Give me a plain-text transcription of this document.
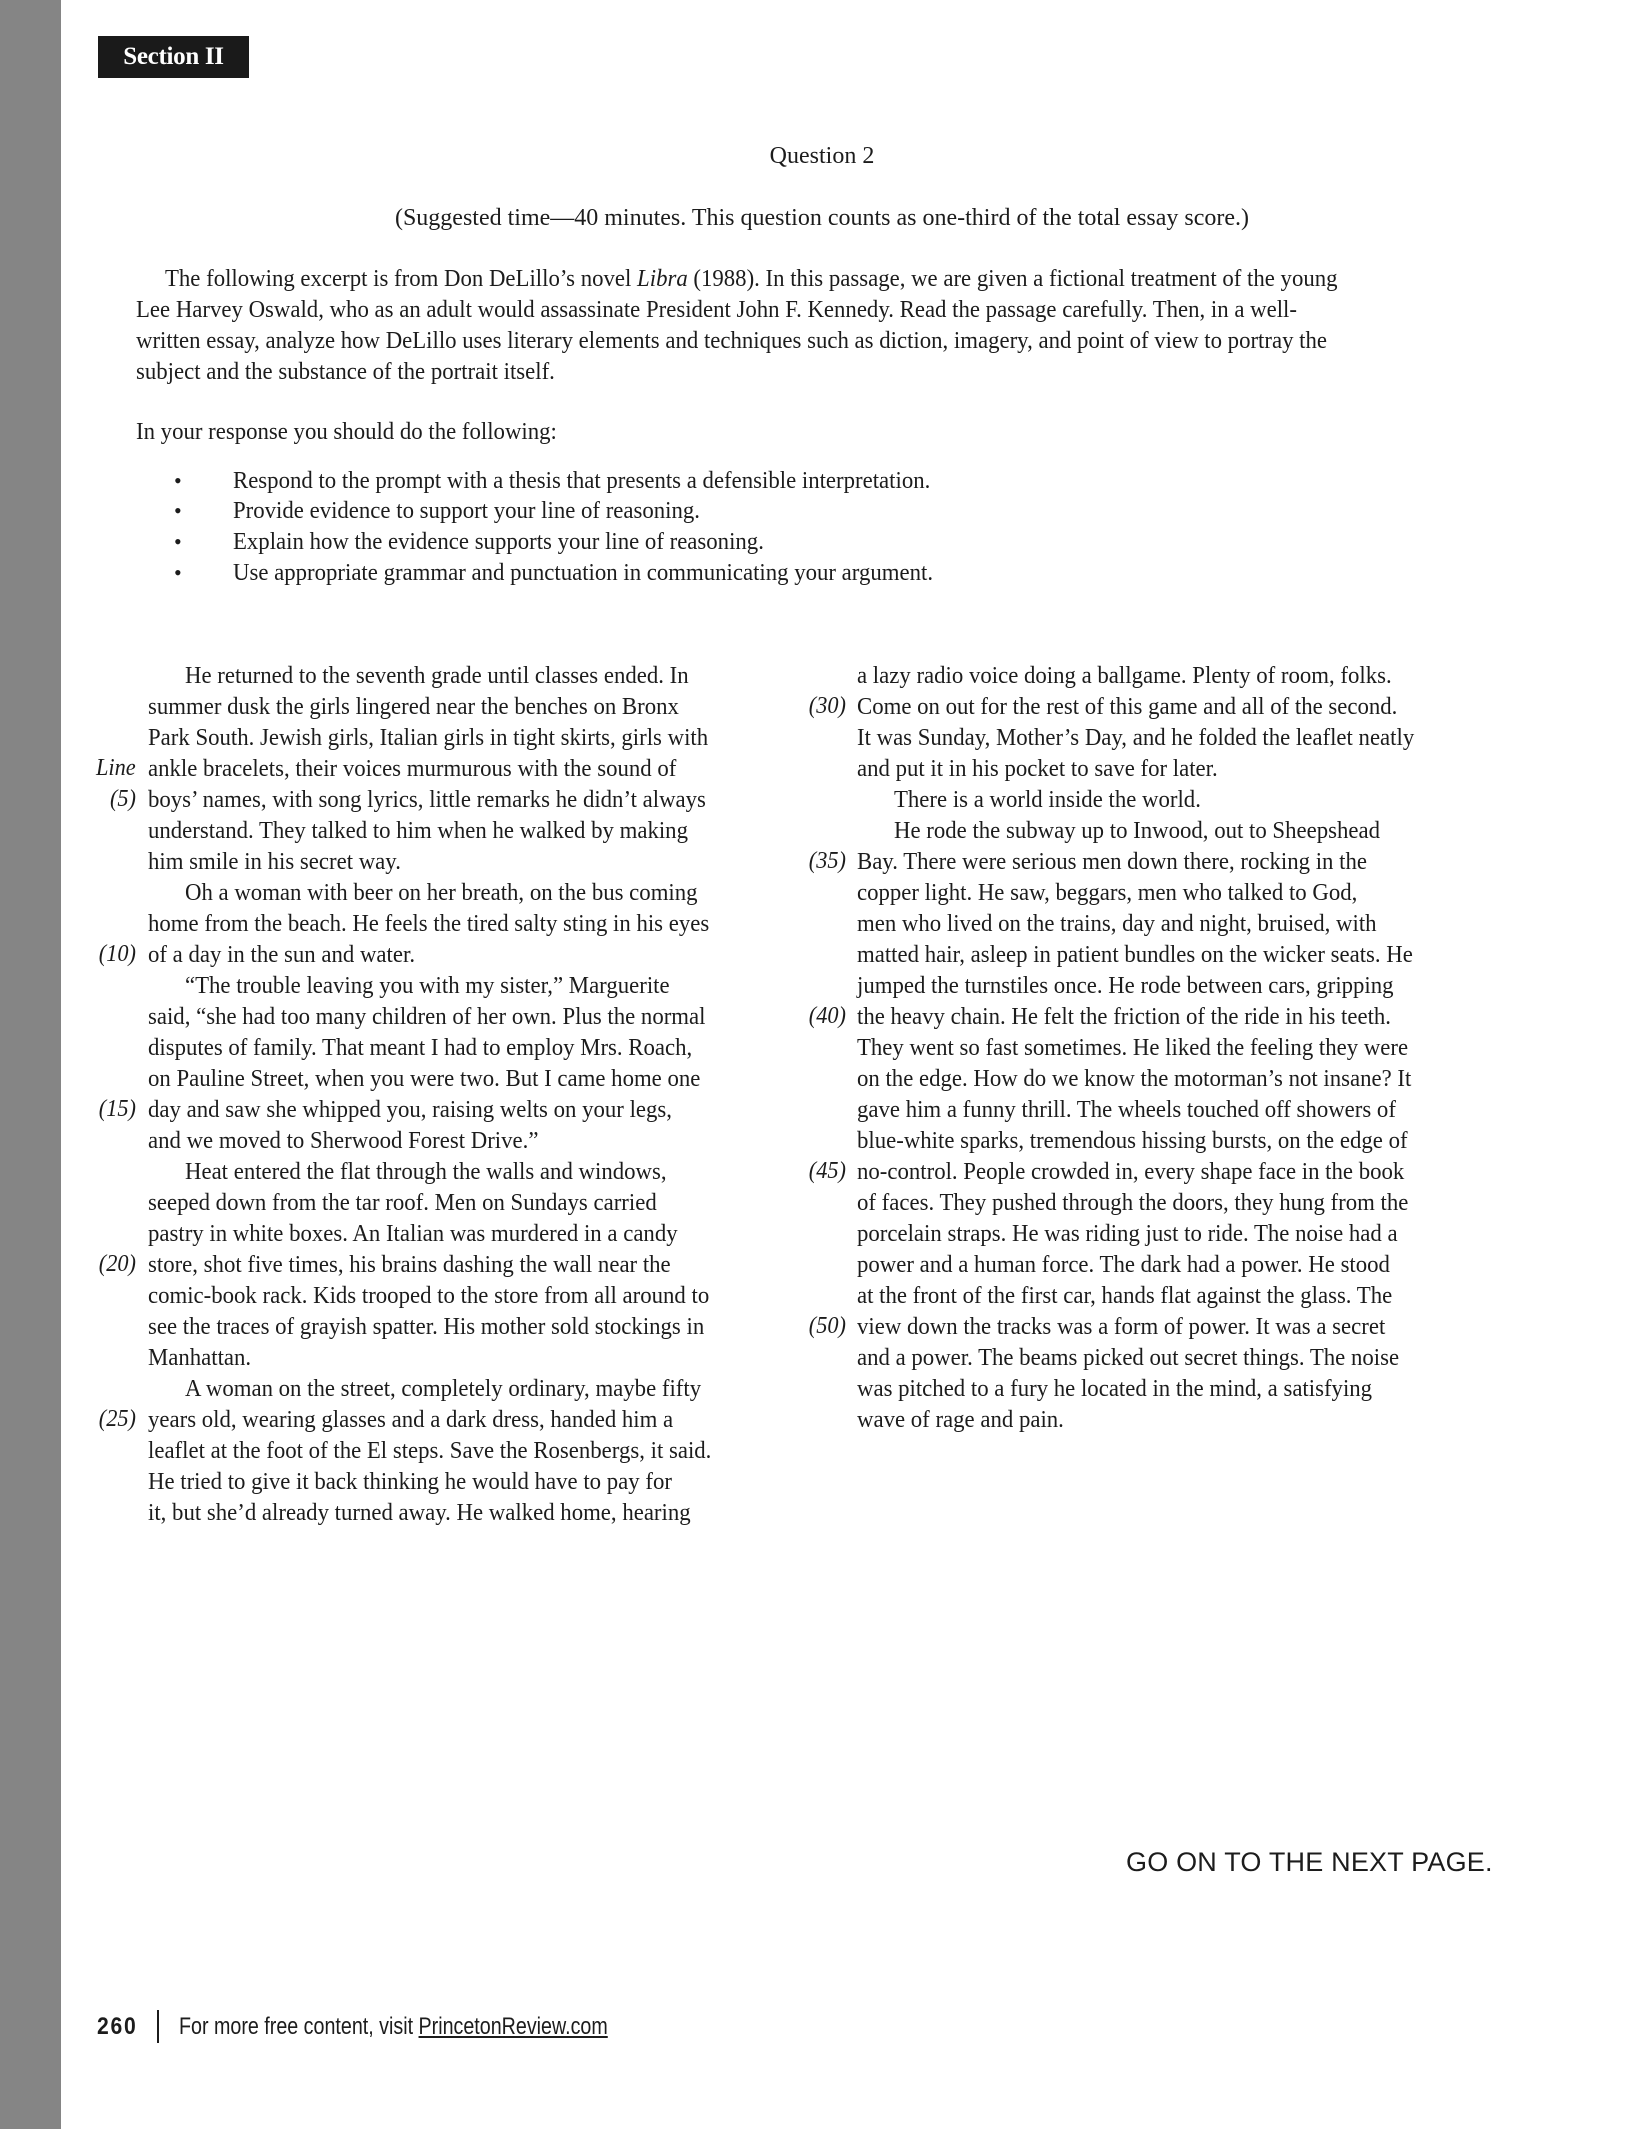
Section II
Question 2
(Suggested time—40 minutes. This question counts as one-third of the total essay score.)
The following excerpt is from Don DeLillo’s novel Libra (1988). In this passage, we are given a fictional treatment of the young
Lee Harvey Oswald, who as an adult would assassinate President John F. Kennedy. Read the passage carefully. Then, in a well-
written essay, analyze how DeLillo uses literary elements and techniques such as diction, imagery, and point of view to portray the
subject and the substance of the portrait itself.
In your response you should do the following:
• Respond to the prompt with a thesis that presents a defensible interpretation.
• Provide evidence to support your line of reasoning.
• Explain how the evidence supports your line of reasoning.
• Use appropriate grammar and punctuation in communicating your argument.
He returned to the seventh grade until classes ended. In
summer dusk the girls lingered near the benches on Bronx
Park South. Jewish girls, Italian girls in tight skirts, girls with
ankle bracelets, their voices murmurous with the sound of
Line
boys’ names, with song lyrics, little remarks he didn’t always
(5)
understand. They talked to him when he walked by making
him smile in his secret way.
Oh a woman with beer on her breath, on the bus coming
home from the beach. He feels the tired salty sting in his eyes
of a day in the sun and water.
(10)
“The trouble leaving you with my sister,” Marguerite
said, “she had too many children of her own. Plus the normal
disputes of family. That meant I had to employ Mrs. Roach,
on Pauline Street, when you were two. But I came home one
day and saw she whipped you, raising welts on your legs,
(15)
and we moved to Sherwood Forest Drive.”
Heat entered the flat through the walls and windows,
seeped down from the tar roof. Men on Sundays carried
pastry in white boxes. An Italian was murdered in a candy
store, shot five times, his brains dashing the wall near the
(20)
comic-book rack. Kids trooped to the store from all around to
see the traces of grayish spatter. His mother sold stockings in
Manhattan.
A woman on the street, completely ordinary, maybe fifty
years old, wearing glasses and a dark dress, handed him a
(25)
leaflet at the foot of the El steps. Save the Rosenbergs, it said.
He tried to give it back thinking he would have to pay for
it, but she’d already turned away. He walked home, hearing
a lazy radio voice doing a ballgame. Plenty of room, folks.
Come on out for the rest of this game and all of the second.
(30)
It was Sunday, Mother’s Day, and he folded the leaflet neatly
and put it in his pocket to save for later.
There is a world inside the world.
He rode the subway up to Inwood, out to Sheepshead
Bay. There were serious men down there, rocking in the
(35)
copper light. He saw, beggars, men who talked to God,
men who lived on the trains, day and night, bruised, with
matted hair, asleep in patient bundles on the wicker seats. He
jumped the turnstiles once. He rode between cars, gripping
the heavy chain. He felt the friction of the ride in his teeth.
(40)
They went so fast sometimes. He liked the feeling they were
on the edge. How do we know the motorman’s not insane? It
gave him a funny thrill. The wheels touched off showers of
blue-white sparks, tremendous hissing bursts, on the edge of
no-control. People crowded in, every shape face in the book
(45)
of faces. They pushed through the doors, they hung from the
porcelain straps. He was riding just to ride. The noise had a
power and a human force. The dark had a power. He stood
at the front of the first car, hands flat against the glass. The
view down the tracks was a form of power. It was a secret
(50)
and a power. The beams picked out secret things. The noise
was pitched to a fury he located in the mind, a satisfying
wave of rage and pain.
GO ON TO THE NEXT PAGE.
260 For more free content, visit PrincetonReview.com
